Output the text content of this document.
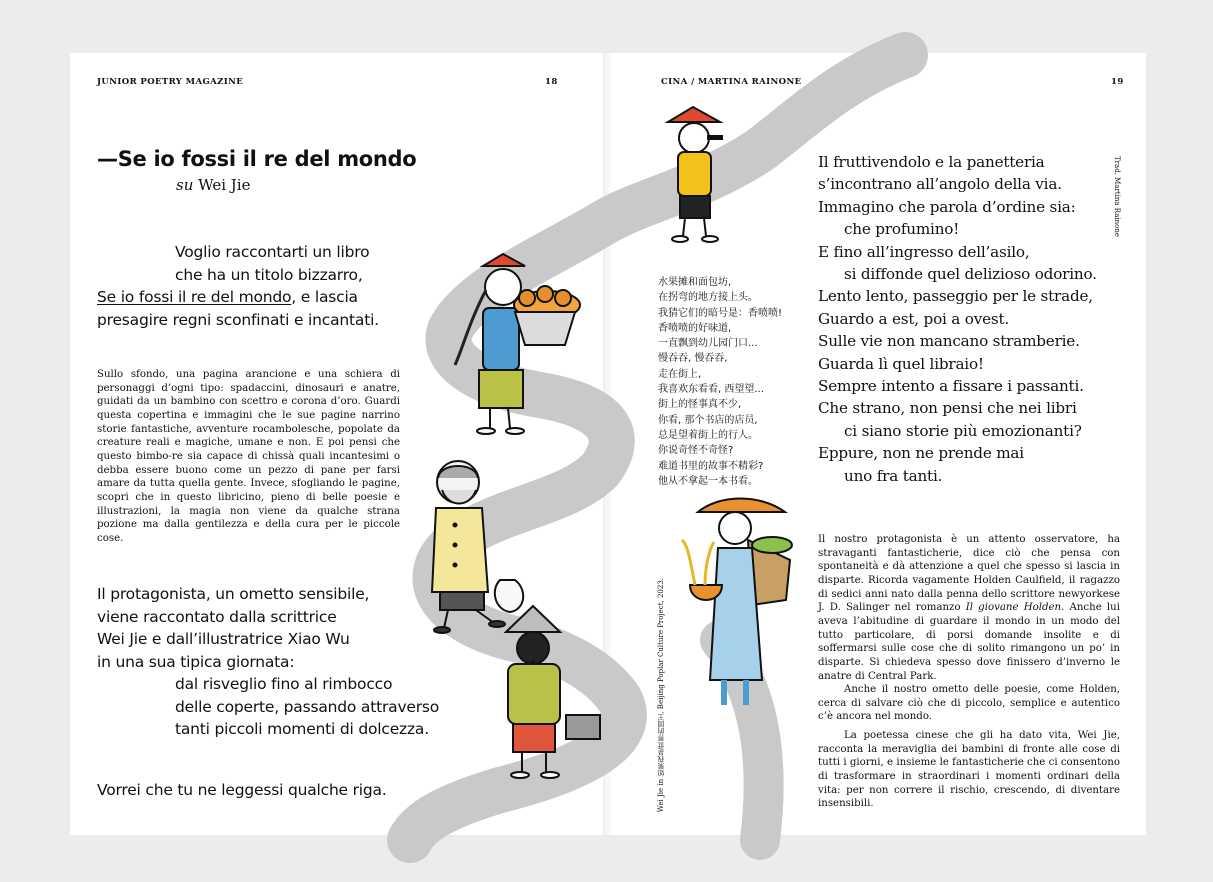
JUNIOR POETRY MAGAZINE	18
—Se io fossi il re del mondo
su Wei Jie
Voglio raccontarti un libro
che ha un titolo bizzarro,
Se io fossi il re del mondo, e lascia
presagire regni sconfinati e incantati.
Sullo sfondo, una pagina arancione e una schiera di personaggi d’ogni tipo: spadaccini, dinosauri e anatre, guidati da un bambino con scettro e corona d’oro. Guardi questa copertina e immagini che le sue pagine narrino storie fantastiche, avventure rocambolesche, popolate da creature reali e magiche, umane e non. E poi pensi che questo bimbo-re sia capace di chissà quali incantesimi o debba essere buono come un pezzo di pane per farsi amare da tutta quella gente. Invece, sfogliando le pagine, scopri che in questo libricino, pieno di belle poesie e illustrazioni, la magia non viene da qualche strana pozione ma dalla gentilezza e della cura per le piccole cose.
Il protagonista, un ometto sensibile,
viene raccontato dalla scrittrice
Wei Jie e dall’illustratrice Xiao Wu
in una sua tipica giornata:
dal risveglio fino al rimbocco
delle coperte, passando attraverso
tanti piccoli momenti di dolcezza.
Vorrei che tu ne leggessi qualche riga.
CINA / MARTINA RAINONE	19
Trad. Martina Rainone
Wei Jie in 如果我是世界的国王, Beijing Poplar Culture Project, 2023.
水果摊和面包坊,
在拐弯的地方接上头。
我猜它们的暗号是：香喷喷!
香喷喷的好味道,
一直飘到幼儿园门口...
慢吞吞, 慢吞吞,
走在街上,
我喜欢东看看, 西望望...
街上的怪事真不少,
你看, 那个书店的店员,
总是望着街上的行人。
你说奇怪不奇怪?
难道书里的故事不精彩?
他从不拿起一本书看。
Il fruttivendolo e la panetteria
s’incontrano all’angolo della via.
Immagino che parola d’ordine sia:
che profumino!
E fino all’ingresso dell’asilo,
si diffonde quel delizioso odorino.
Lento lento, passeggio per le strade,
Guardo a est, poi a ovest.
Sulle vie non mancano stramberie.
Guarda lì quel libraio!
Sempre intento a fissare i passanti.
Che strano, non pensi che nei libri
ci siano storie più emozionanti?
Eppure, non ne prende mai
uno fra tanti.
Il nostro protagonista è un attento osservatore, ha stravaganti fantasticherie, dice ciò che pensa con spontaneità e dà attenzione a quel che spesso si lascia in disparte. Ricorda vagamente Holden Caulfield, il ragazzo di sedici anni nato dalla penna dello scrittore newyorkese J. D. Salinger nel romanzo Il giovane Holden. Anche lui aveva l’abitudine di guardare il mondo in un modo del tutto particolare, di porsi domande insolite e di soffermarsi sulle cose che di solito rimangono un po’ in disparte. Si chiedeva spesso dove finissero d’inverno le anatre di Central Park.
Anche il nostro ometto delle poesie, come Holden, cerca di salvare ciò che di piccolo, semplice e autentico c’è ancora nel mondo.
La poetessa cinese che gli ha dato vita, Wei Jie, racconta la meraviglia dei bambini di fronte alle cose di tutti i giorni, e insieme le fantasticherie che ci consentono di trasformare in straordinari i momenti ordinari della vita: per non correre il rischio, crescendo, di diventare insensibili.
